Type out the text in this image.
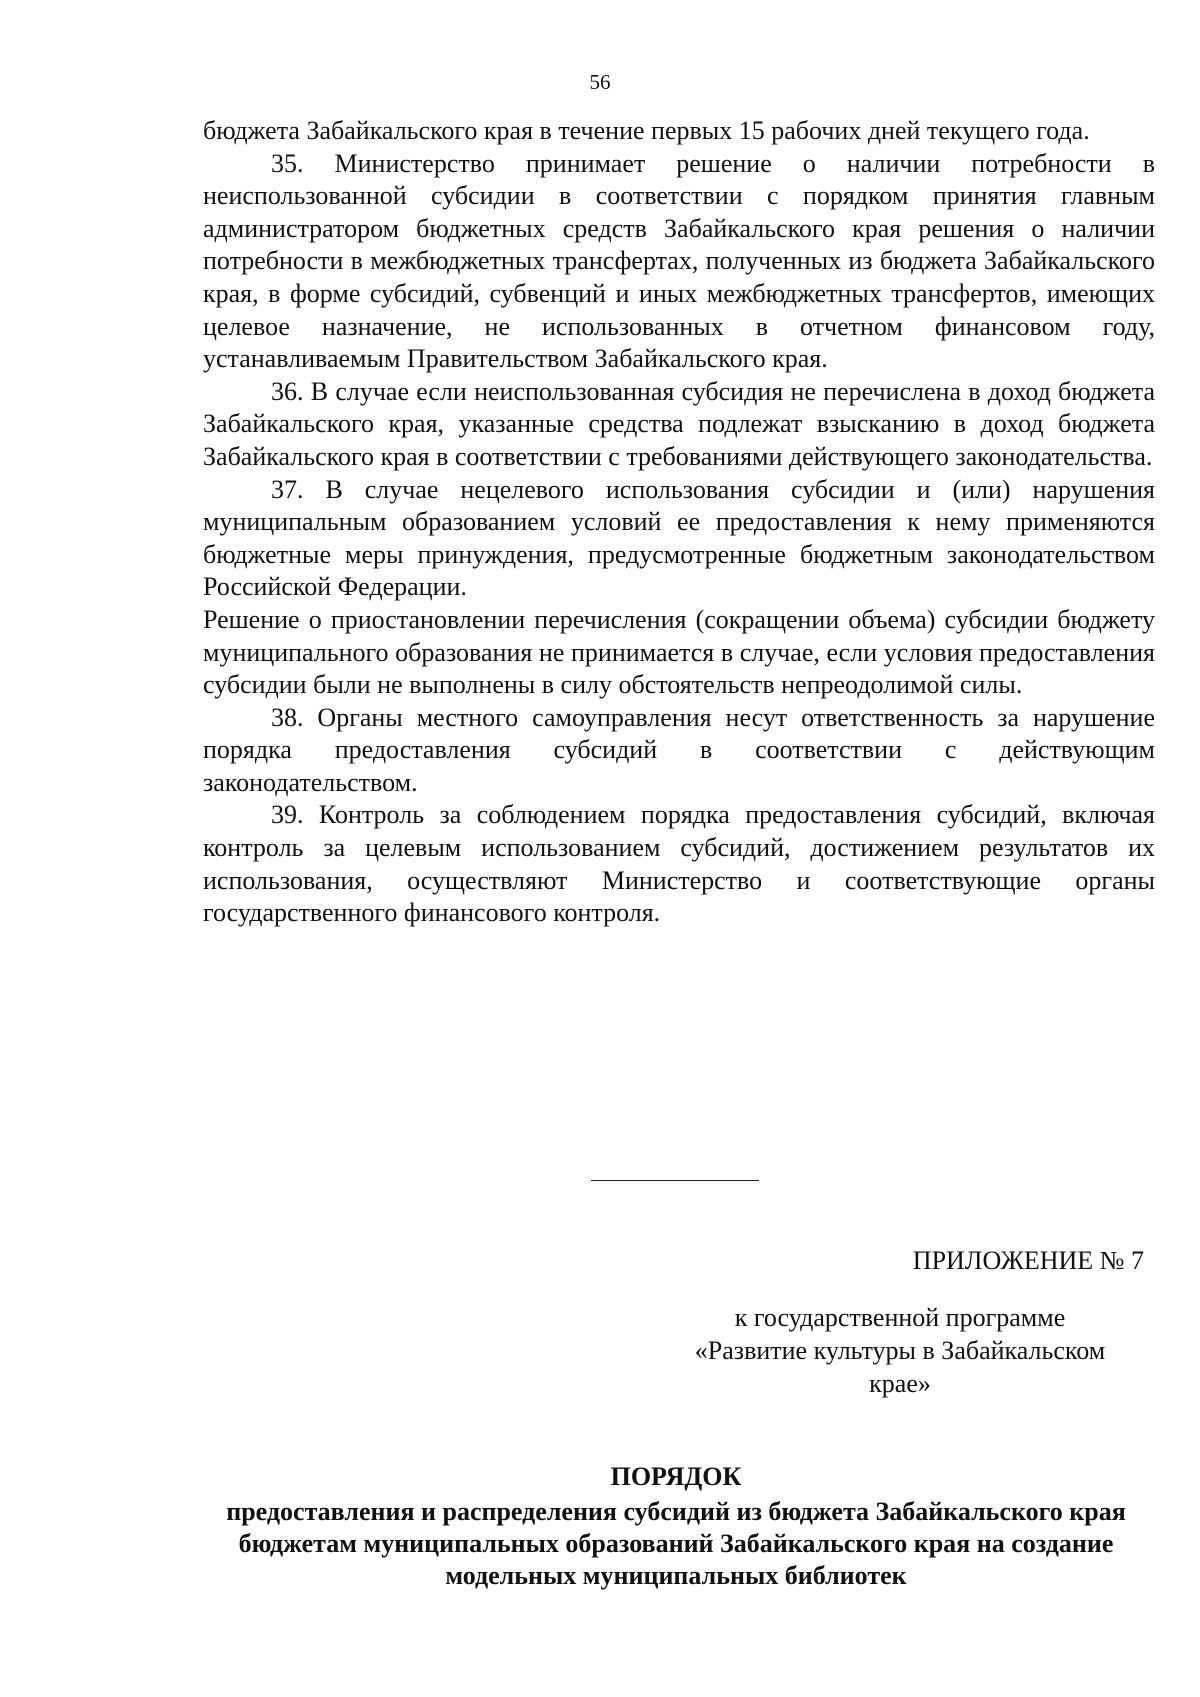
56

бюджета Забайкальского края в течение первых 15 рабочих дней текущего года.

35. Министерство принимает решение о наличии потребности в неиспользованной субсидии в соответствии с порядком принятия главным администратором бюджетных средств Забайкальского края решения о наличии потребности в межбюджетных трансфертах, полученных из бюджета Забайкальского края, в форме субсидий, субвенций и иных межбюджетных трансфертов, имеющих целевое назначение, не использованных в отчетном финансовом году, устанавливаемым Правительством Забайкальского края.

36. В случае если неиспользованная субсидия не перечислена в доход бюджета Забайкальского края, указанные средства подлежат взысканию в доход бюджета Забайкальского края в соответствии с требованиями действующего законодательства.

37. В случае нецелевого использования субсидии и (или) нарушения муниципальным образованием условий ее предоставления к нему применяются бюджетные меры принуждения, предусмотренные бюджетным законодательством Российской Федерации.

Решение о приостановлении перечисления (сокращении объема) субсидии бюджету муниципального образования не принимается в случае, если условия предоставления субсидии были не выполнены в силу обстоятельств непреодолимой силы.

38. Органы местного самоуправления несут ответственность за нарушение порядка предоставления субсидий в соответствии с действующим законодательством.

39. Контроль за соблюдением порядка предоставления субсидий, включая контроль за целевым использованием субсидий, достижением результатов их использования, осуществляют Министерство и соответствующие органы государственного финансового контроля.

ПРИЛОЖЕНИЕ № 7
к государственной программе
«Развитие культуры в Забайкальском
крае»
ПОРЯДОК
предоставления и распределения субсидий из бюджета Забайкальского края бюджетам муниципальных образований Забайкальского края на создание модельных муниципальных библиотек
